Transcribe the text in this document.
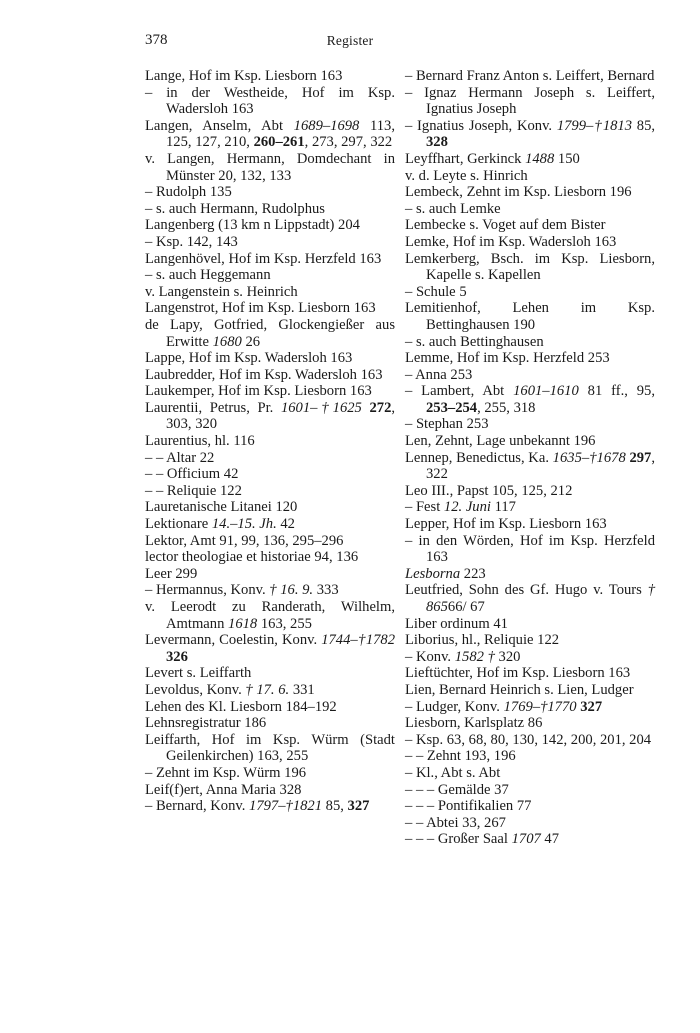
378	Register
Lange, Hof im Ksp. Liesborn 163
– in der Westheide, Hof im Ksp. Wadersloh 163
Langen, Anselm, Abt 1689–1698 113, 125, 127, 210, 260–261, 273, 297, 322
v. Langen, Hermann, Domdechant in Münster 20, 132, 133
– Rudolph 135
– s. auch Hermann, Rudolphus
Langenberg (13 km n Lippstadt) 204
– Ksp. 142, 143
Langenhövel, Hof im Ksp. Herzfeld 163
– s. auch Heggemann
v. Langenstein s. Heinrich
Langenstrot, Hof im Ksp. Liesborn 163
de Lapy, Gotfried, Glockengießer aus Erwitte 1680 26
Lappe, Hof im Ksp. Wadersloh 163
Laubredder, Hof im Ksp. Wadersloh 163
Laukemper, Hof im Ksp. Liesborn 163
Laurentii, Petrus, Pr. 1601–†1625 272, 303, 320
Laurentius, hl. 116
– – Altar 22
– – Officium 42
– – Reliquie 122
Lauretanische Litanei 120
Lektionare 14.–15. Jh. 42
Lektor, Amt 91, 99, 136, 295–296
lector theologiae et historiae 94, 136
Leer 299
– Hermannus, Konv. † 16. 9. 333
v. Leerodt zu Randerath, Wilhelm, Amtmann 1618 163, 255
Levermann, Coelestin, Konv. 1744–†1782 326
Levert s. Leiffarth
Levoldus, Konv. † 17. 6. 331
Lehen des Kl. Liesborn 184–192
Lehnsregistratur 186
Leiffarth, Hof im Ksp. Würm (Stadt Geilenkirchen) 163, 255
– Zehnt im Ksp. Würm 196
Leif(f)ert, Anna Maria 328
– Bernard, Konv. 1797–†1821 85, 327
– Bernard Franz Anton s. Leiffert, Bernard
– Ignaz Hermann Joseph s. Leiffert, Ignatius Joseph
– Ignatius Joseph, Konv. 1799–†1813 85, 328
Leyffhart, Gerkinck 1488 150
v. d. Leyte s. Hinrich
Lembeck, Zehnt im Ksp. Liesborn 196
– s. auch Lemke
Lembecke s. Voget auf dem Bister
Lemke, Hof im Ksp. Wadersloh 163
Lemkerberg, Bsch. im Ksp. Liesborn, Kapelle s. Kapellen
– Schule 5
Lemitienhof, Lehen im Ksp. Bettinghausen 190
– s. auch Bettinghausen
Lemme, Hof im Ksp. Herzfeld 253
– Anna 253
– Lambert, Abt 1601–1610 81 ff., 95, 253–254, 255, 318
– Stephan 253
Len, Zehnt, Lage unbekannt 196
Lennep, Benedictus, Ka. 1635–†1678 297, 322
Leo III., Papst 105, 125, 212
– Fest 12. Juni 117
Lepper, Hof im Ksp. Liesborn 163
– in den Wörden, Hof im Ksp. Herzfeld 163
Lesborna 223
Leutfried, Sohn des Gf. Hugo v. Tours † 86566/ 67
Liber ordinum 41
Liborius, hl., Reliquie 122
– Konv. 1582 † 320
Lieftüchter, Hof im Ksp. Liesborn 163
Lien, Bernard Heinrich s. Lien, Ludger
– Ludger, Konv. 1769–†1770 327
Liesborn, Karlsplatz 86
– Ksp. 63, 68, 80, 130, 142, 200, 201, 204
– – Zehnt 193, 196
– Kl., Abt s. Abt
– – – Gemälde 37
– – – Pontifikalien 77
– – Abtei 33, 267
– – – Großer Saal 1707 47
